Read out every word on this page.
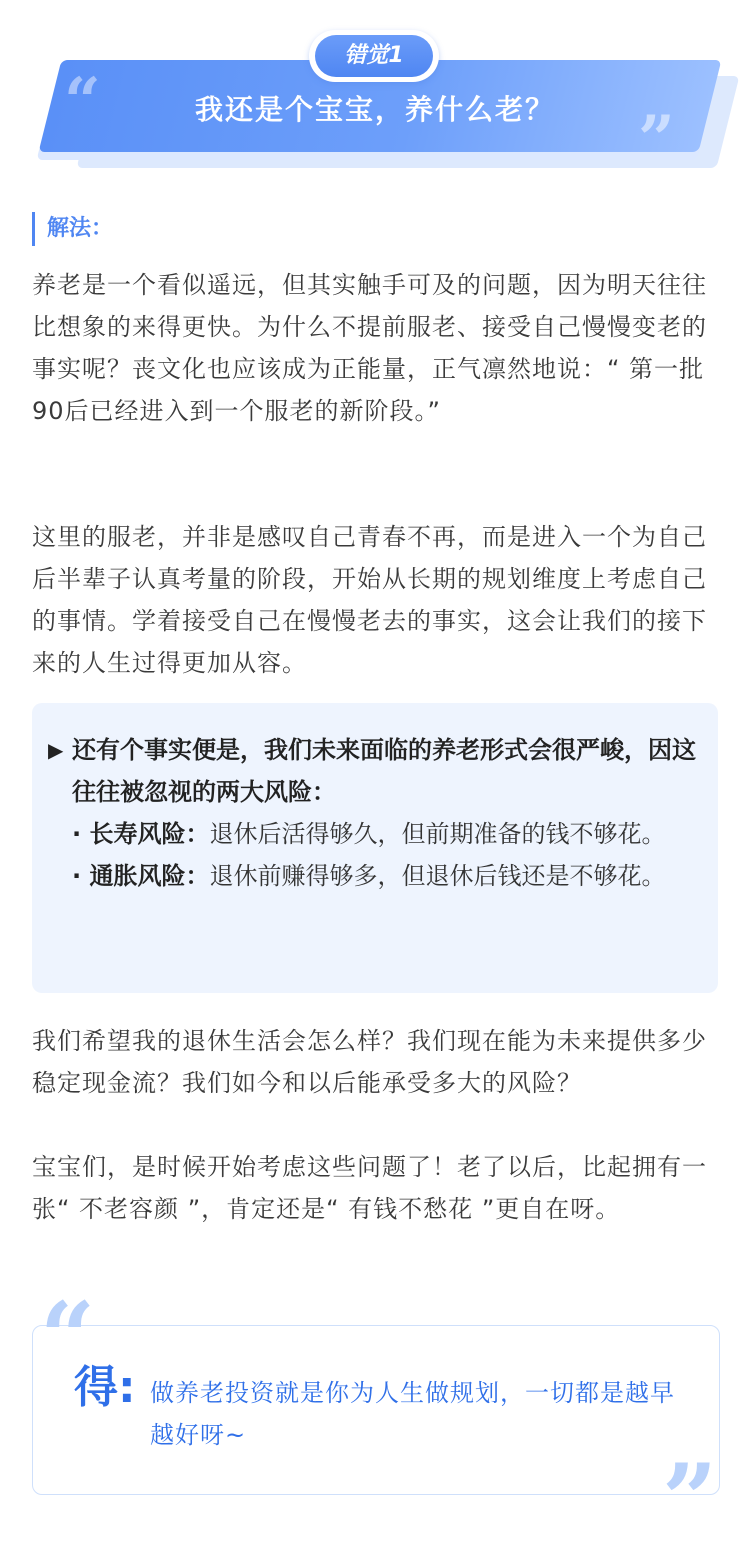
“
”
我还是个宝宝，养什么老？
错觉1
解法：

养老是一个看似遥远，但其实触手可及的问题，因为明天往往比想象的来得更快。为什么不提前服老、接受自己慢慢变老的事实呢？丧文化也应该成为正能量，正气凛然地说：“ 第一批90后已经进入到一个服老的新阶段。”

这里的服老，并非是感叹自己青春不再，而是进入一个为自己后半辈子认真考量的阶段，开始从长期的规划维度上考虑自己的事情。学着接受自己在慢慢老去的事实，这会让我们的接下来的人生过得更加从容。

▶ 还有个事实便是，我们未来面临的养老形式会很严峻，因这往往被忽视的两大风险：
· 长寿风险：退休后活得够久，但前期准备的钱不够花。
· 通胀风险：退休前赚得够多，但退休后钱还是不够花。

我们希望我的退休生活会怎么样？我们现在能为未来提供多少稳定现金流？我们如今和以后能承受多大的风险？

宝宝们，是时候开始考虑这些问题了！老了以后，比起拥有一张“ 不老容颜 ”，肯定还是“ 有钱不愁花 ”更自在呀。

“
”
得: 做养老投资就是你为人生做规划，一切都是越早越好呀~
